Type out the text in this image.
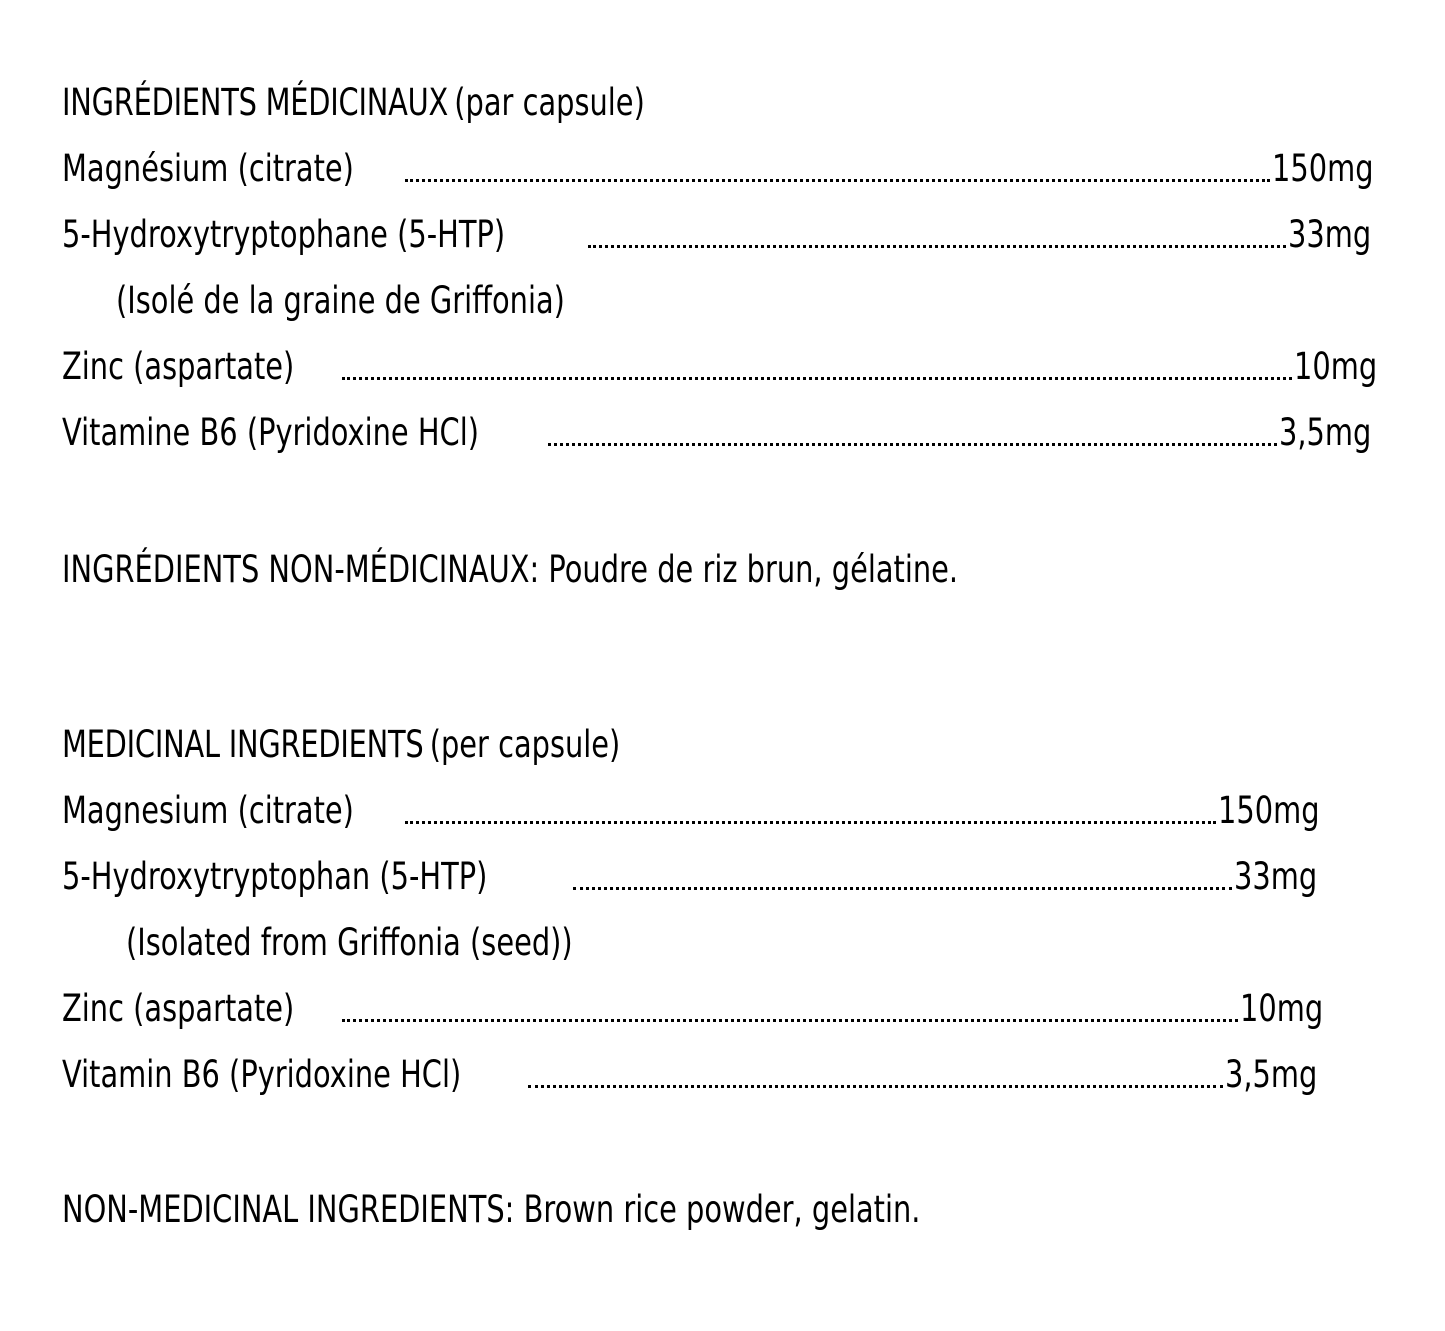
INGRÉDIENTS MÉDICINAUX (par capsule)
Magnésium (citrate)	150mg
5-Hydroxytryptophane (5-HTP)	33mg
(Isolé de la graine de Griffonia)
Zinc (aspartate)	10mg
Vitamine B6 (Pyridoxine HCl)	3,5mg
INGRÉDIENTS NON-MÉDICINAUX: Poudre de riz brun, gélatine.
MEDICINAL INGREDIENTS (per capsule)
Magnesium (citrate)	150mg
5-Hydroxytryptophan (5-HTP)	33mg
(Isolated from Griffonia (seed))
Zinc (aspartate)	10mg
Vitamin B6 (Pyridoxine HCl)	3,5mg
NON-MEDICINAL INGREDIENTS: Brown rice powder, gelatin.
